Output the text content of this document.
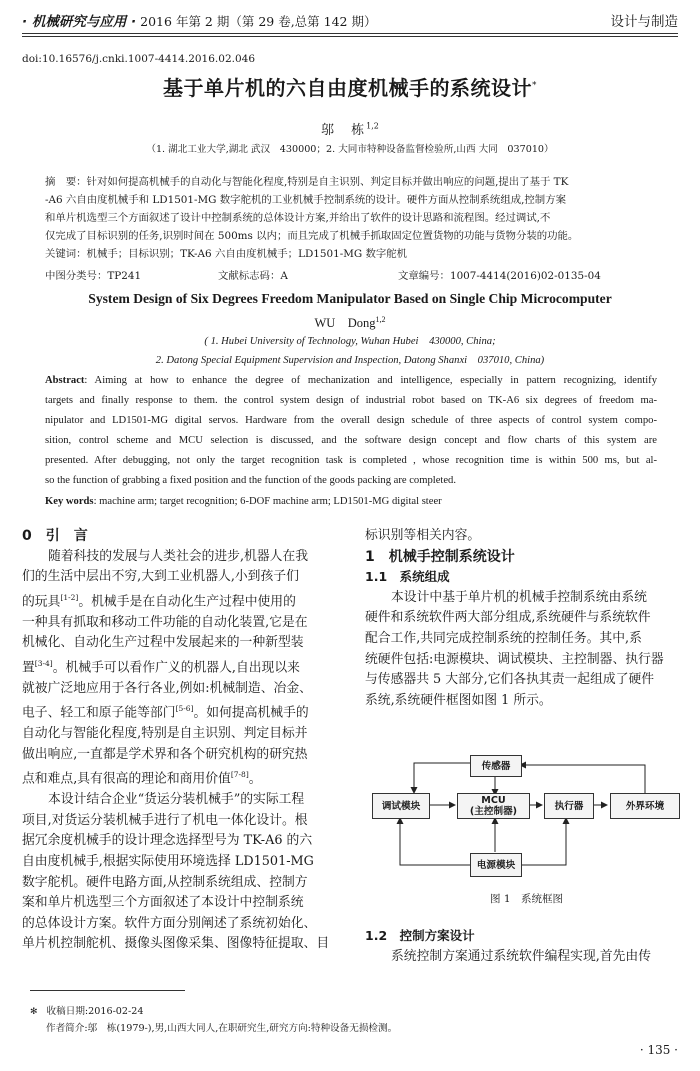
· 机械研究与应用 · 2016 年第 2 期（第 29 卷,总第 142 期）	设计与制造
doi:10.16576/j.cnki.1007-4414.2016.02.046
基于单片机的六自由度机械手的系统设计*
邬　栋$^{1,2}$
（1. 湖北工业大学,湖北 武汉　430000；2. 大同市特种设备监督检验所,山西 大同　037010）
摘　要：针对如何提高机械手的自动化与智能化程度,特别是自主识别、判定目标并做出响应的问题,提出了基于 TK
-A6 六自由度机械手和 LD1501-MG 数字舵机的工业机械手控制系统的设计。硬件方面从控制系统组成,控制方案
和单片机选型三个方面叙述了设计中控制系统的总体设计方案,并给出了软件的设计思路和流程图。经过调试,不
仅完成了目标识别的任务,识别时间在 500ms 以内；而且完成了机械手抓取固定位置货物的功能与货物分装的功能。
关键词：机械手；目标识别；TK-A6 六自由度机械手；LD1501-MG 数字舵机
中图分类号：TP241	文献标志码：A	文章编号：1007-4414(2016)02-0135-04
System Design of Six Degrees Freedom Manipulator Based on Single Chip Microcomputer
WU　Dong$^{1,2}$
( 1. Hubei University of Technology, Wuhan Hubei　430000, China;
2. Datong Special Equipment Supervision and Inspection, Datong Shanxi　037010, China)
Abstract: Aiming at how to enhance the degree of mechanization and intelligence, especially in pattern recognizing, identify
targets and finally response to them. the control system design of industrial robot based on TK-A6 six degrees of freedom ma-
nipulator and LD1501-MG digital servos. Hardware from the overall design schedule of three aspects of control system compo-
sition, control scheme and MCU selection is discussed, and the software design concept and flow charts of this system are
presented. After debugging, not only the target recognition task is completed , whose recognition time is within 500 ms, but al-
so the function of grabbing a fixed position and the function of the goods packing are completed.
Key words: machine arm; target recognition; 6-DOF machine arm; LD1501-MG digital steer
0　引　言
随着科技的发展与人类社会的进步,机器人在我
们的生活中层出不穷,大到工业机器人,小到孩子们
的玩具[1-2]。机械手是在自动化生产过程中使用的
一种具有抓取和移动工件功能的自动化装置,它是在
机械化、自动化生产过程中发展起来的一种新型装
置[3-4]。机械手可以看作广义的机器人,自出现以来
就被广泛地应用于各行各业,例如:机械制造、冶金、
电子、轻工和原子能等部门[5-6]。如何提高机械手的
自动化与智能化程度,特别是自主识别、判定目标并
做出响应,一直都是学术界和各个研究机构的研究热
点和难点,具有很高的理论和商用价值[7-8]。
本设计结合企业“货运分装机械手”的实际工程
项目,对货运分装机械手进行了机电一体化设计。根
据冗余度机械手的设计理念选择型号为 TK-A6 的六
自由度机械手,根据实际使用环境选择 LD1501-MG
数字舵机。硬件电路方面,从控制系统组成、控制方
案和单片机选型三个方面叙述了本设计中控制系统
的总体设计方案。软件方面分别阐述了系统初始化、
单片机控制舵机、摄像头图像采集、图像特征提取、目
标识别等相关内容。
1　机械手控制系统设计
1.1　系统组成
本设计中基于单片机的机械手控制系统由系统
硬件和系统软件两大部分组成,系统硬件与系统软件
配合工作,共同完成控制系统的控制任务。其中,系
统硬件包括:电源模块、调试模块、主控制器、执行器
与传感器共 5 大部分,它们各执其责一起组成了硬件
系统,系统硬件框图如图 1 所示。
传感器
调试模块	MCU
(主控制器)	执行器	外界环境
电源模块
图 1　系统框图
1.2　控制方案设计
系统控制方案通过系统软件编程实现,首先由传
✻　收稿日期:2016-02-24
作者简介:邬　栋(1979-),男,山西大同人,在职研究生,研究方向:特种设备无损检测。
· 135 ·
